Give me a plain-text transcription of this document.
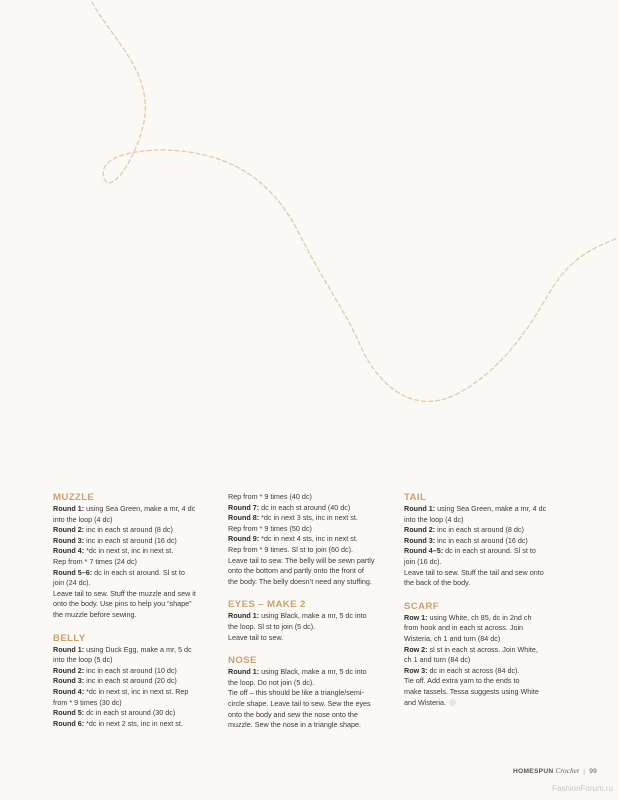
MUZZLE
Round 1: using Sea Green, make a mr, 4 dc
into the loop (4 dc)
Round 2: inc in each st around (8 dc)
Round 3: inc in each st around (16 dc)
Round 4: *dc in next st, inc in next st.
Rep from * 7 times (24 dc)
Round 5–6: dc in each st around. Sl st to
join (24 dc).
Leave tail to sew. Stuff the muzzle and sew it
onto the body. Use pins to help you “shape”
the muzzle before sewing.
BELLY
Round 1: using Duck Egg, make a mr, 5 dc
into the loop (5 dc)
Round 2: inc in each st around (10 dc)
Round 3: inc in each st around (20 dc)
Round 4: *dc in next st, inc in next st. Rep
from * 9 times (30 dc)
Round 5: dc in each st around (30 dc)
Round 6: *dc in next 2 sts, inc in next st.
Rep from * 9 times (40 dc)
Round 7: dc in each st around (40 dc)
Round 8: *dc in next 3 sts, inc in next st.
Rep from * 9 times (50 dc)
Round 9: *dc in next 4 sts, inc in next st.
Rep from * 9 times. Sl st to join (60 dc).
Leave tail to sew. The belly will be sewn partly
onto the bottom and partly onto the front of
the body. The belly doesn’t need any stuffing.
EYES – MAKE 2
Round 1: using Black, make a mr, 5 dc into
the loop. Sl st to join (5 dc).
Leave tail to sew.
NOSE
Round 1: using Black, make a mr, 5 dc into
the loop. Do not join (5 dc).
Tie off – this should be like a triangle/semi-
circle shape. Leave tail to sew. Sew the eyes
onto the body and sew the nose onto the
muzzle. Sew the nose in a triangle shape.
TAIL
Round 1: using Sea Green, make a mr, 4 dc
into the loop (4 dc)
Round 2: inc in each st around (8 dc)
Round 3: inc in each st around (16 dc)
Round 4–5: dc in each st around. Sl st to
join (16 dc).
Leave tail to sew. Stuff the tail and sew onto
the back of the body.
SCARF
Row 1: using White, ch 85, dc in 2nd ch
from hook and in each st across. Join
Wisteria, ch 1 and turn (84 dc)
Row 2: sl st in each st across. Join White,
ch 1 and turn (84 dc)
Row 3: dc in each st across (84 dc).
Tie off. Add extra yarn to the ends to
make tassels. Tessa suggests using White
and Wisteria.
HOMESPUN Crochet | 99
FashionForum.ru
